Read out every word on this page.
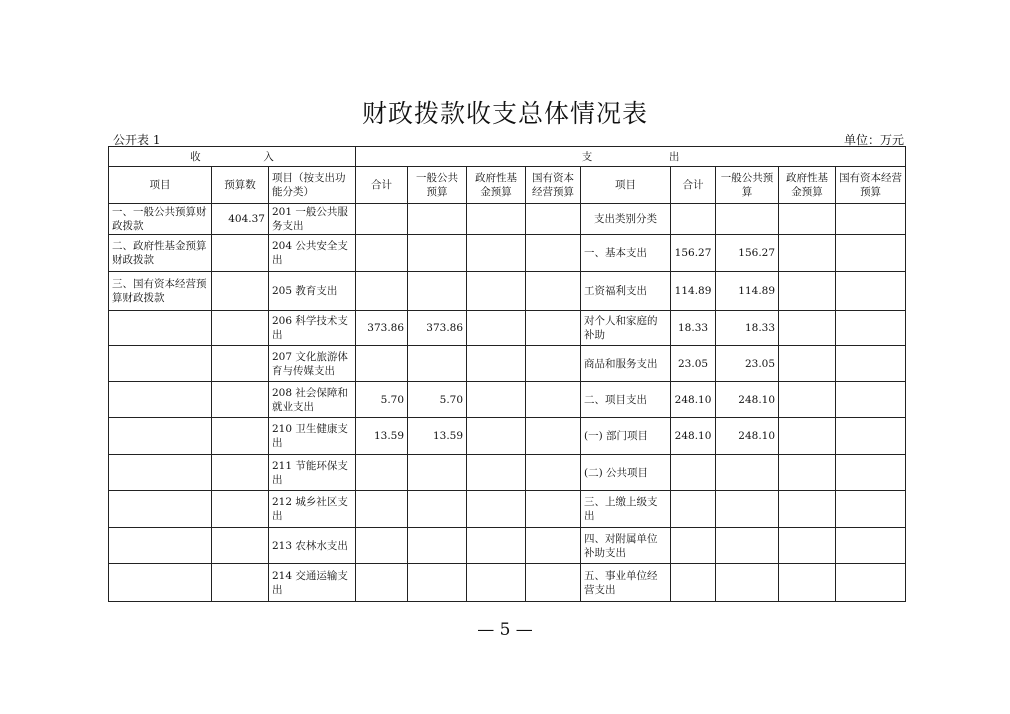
财政拨款收支总体情况表
公开表 1	单位：万元
收 入			支 出								
项目	预算数	项目（按支出功能分类）	合计	一般公共预算	政府性基金预算	国有资本经营预算	项目	合计	一般公共预算	政府性基金预算	国有资本经营预算
一、一般公共预算财政拨款	404.37	201 一般公共服务支出					支出类别分类				
二、政府性基金预算财政拨款		204 公共安全支出					一、基本支出	156.27	156.27		
三、国有资本经营预算财政拨款		205 教育支出					工资福利支出	114.89	114.89		
		206 科学技术支出	373.86	373.86			对个人和家庭的补助	18.33	18.33		
		207 文化旅游体育与传媒支出					商品和服务支出	23.05	23.05		
		208 社会保障和就业支出	5.70	5.70			二、项目支出	248.10	248.10		
		210 卫生健康支出	13.59	13.59			(一) 部门项目	248.10	248.10		
		211 节能环保支出					(二) 公共项目				
		212 城乡社区支出					三、上缴上级支出				
		213 农林水支出					四、对附属单位补助支出				
		214 交通运输支出					五、事业单位经营支出				
— 5 —
